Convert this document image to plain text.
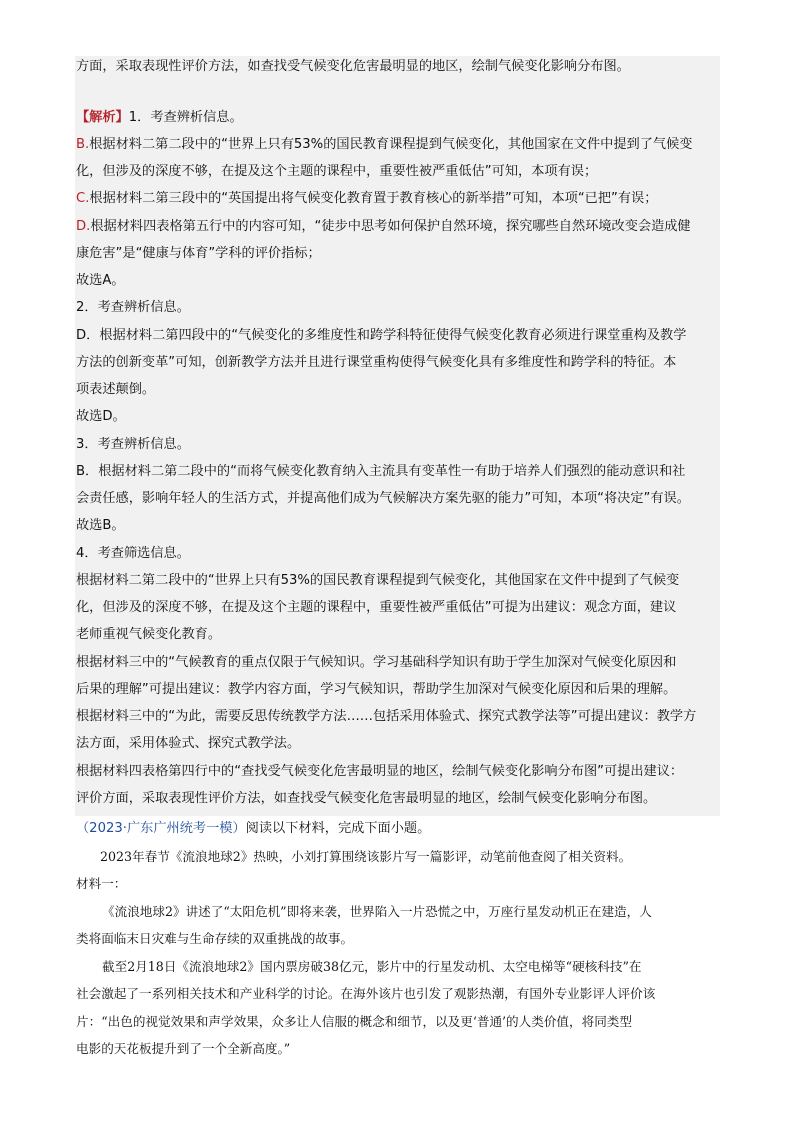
方面，采取表现性评价方法，如查找受气候变化危害最明显的地区，绘制气候变化影响分布图。
【解析】1．考查辨析信息。
B.根据材料二第二段中的“世界上只有53%的国民教育课程提到气候变化，其他国家在文件中提到了气候变
化，但涉及的深度不够，在提及这个主题的课程中，重要性被严重低估”可知，本项有误；
C.根据材料二第三段中的“英国提出将气候变化教育置于教育核心的新举措”可知，本项“已把”有误；
D.根据材料四表格第五行中的内容可知，“徒步中思考如何保护自然环境，探究哪些自然环境改变会造成健
康危害”是“健康与体育”学科的评价指标；
故选A。
2．考查辨析信息。
D．根据材料二第四段中的“气候变化的多维度性和跨学科特征使得气候变化教育必须进行课堂重构及教学
方法的创新变革”可知，创新教学方法并且进行课堂重构使得气候变化具有多维度性和跨学科的特征。本
项表述颠倒。
故选D。
3．考查辨析信息。
B．根据材料二第二段中的“而将气候变化教育纳入主流具有变革性一有助于培养人们强烈的能动意识和社
会责任感，影响年轻人的生活方式，并提高他们成为气候解决方案先驱的能力”可知，本项“将决定”有误。
故选B。
4．考查筛选信息。
根据材料二第二段中的“世界上只有53%的国民教育课程提到气候变化，其他国家在文件中提到了气候变
化，但涉及的深度不够，在提及这个主题的课程中，重要性被严重低估”可提为出建议：观念方面，建议
老师重视气候变化教育。
根据材料三中的“气候教育的重点仅限于气候知识。学习基础科学知识有助于学生加深对气候变化原因和
后果的理解”可提出建议：教学内容方面，学习气候知识，帮助学生加深对气候变化原因和后果的理解。
根据材料三中的“为此，需要反思传统教学方法……包括采用体验式、探究式教学法等”可提出建议：教学方
法方面，采用体验式、探究式教学法。
根据材料四表格第四行中的“查找受气候变化危害最明显的地区，绘制气候变化影响分布图”可提出建议：
评价方面，采取表现性评价方法，如查找受气候变化危害最明显的地区，绘制气候变化影响分布图。
（2023·广东广州统考一模）阅读以下材料，完成下面小题。
2023年春节《流浪地球2》热映，小刘打算围绕该影片写一篇影评，动笔前他查阅了相关资料。
材料一：
《流浪地球2》讲述了“太阳危机”即将来袭，世界陷入一片恐慌之中，万座行星发动机正在建造，人
类将面临末日灾难与生命存续的双重挑战的故事。
截至2月18日《流浪地球2》国内票房破38亿元，影片中的行星发动机、太空电梯等“硬核科技”在
社会激起了一系列相关技术和产业科学的讨论。在海外该片也引发了观影热潮，有国外专业影评人评价该
片：“出色的视觉效果和声学效果，众多让人信服的概念和细节，以及更‘普通’的人类价值，将同类型
电影的天花板提升到了一个全新高度。”
